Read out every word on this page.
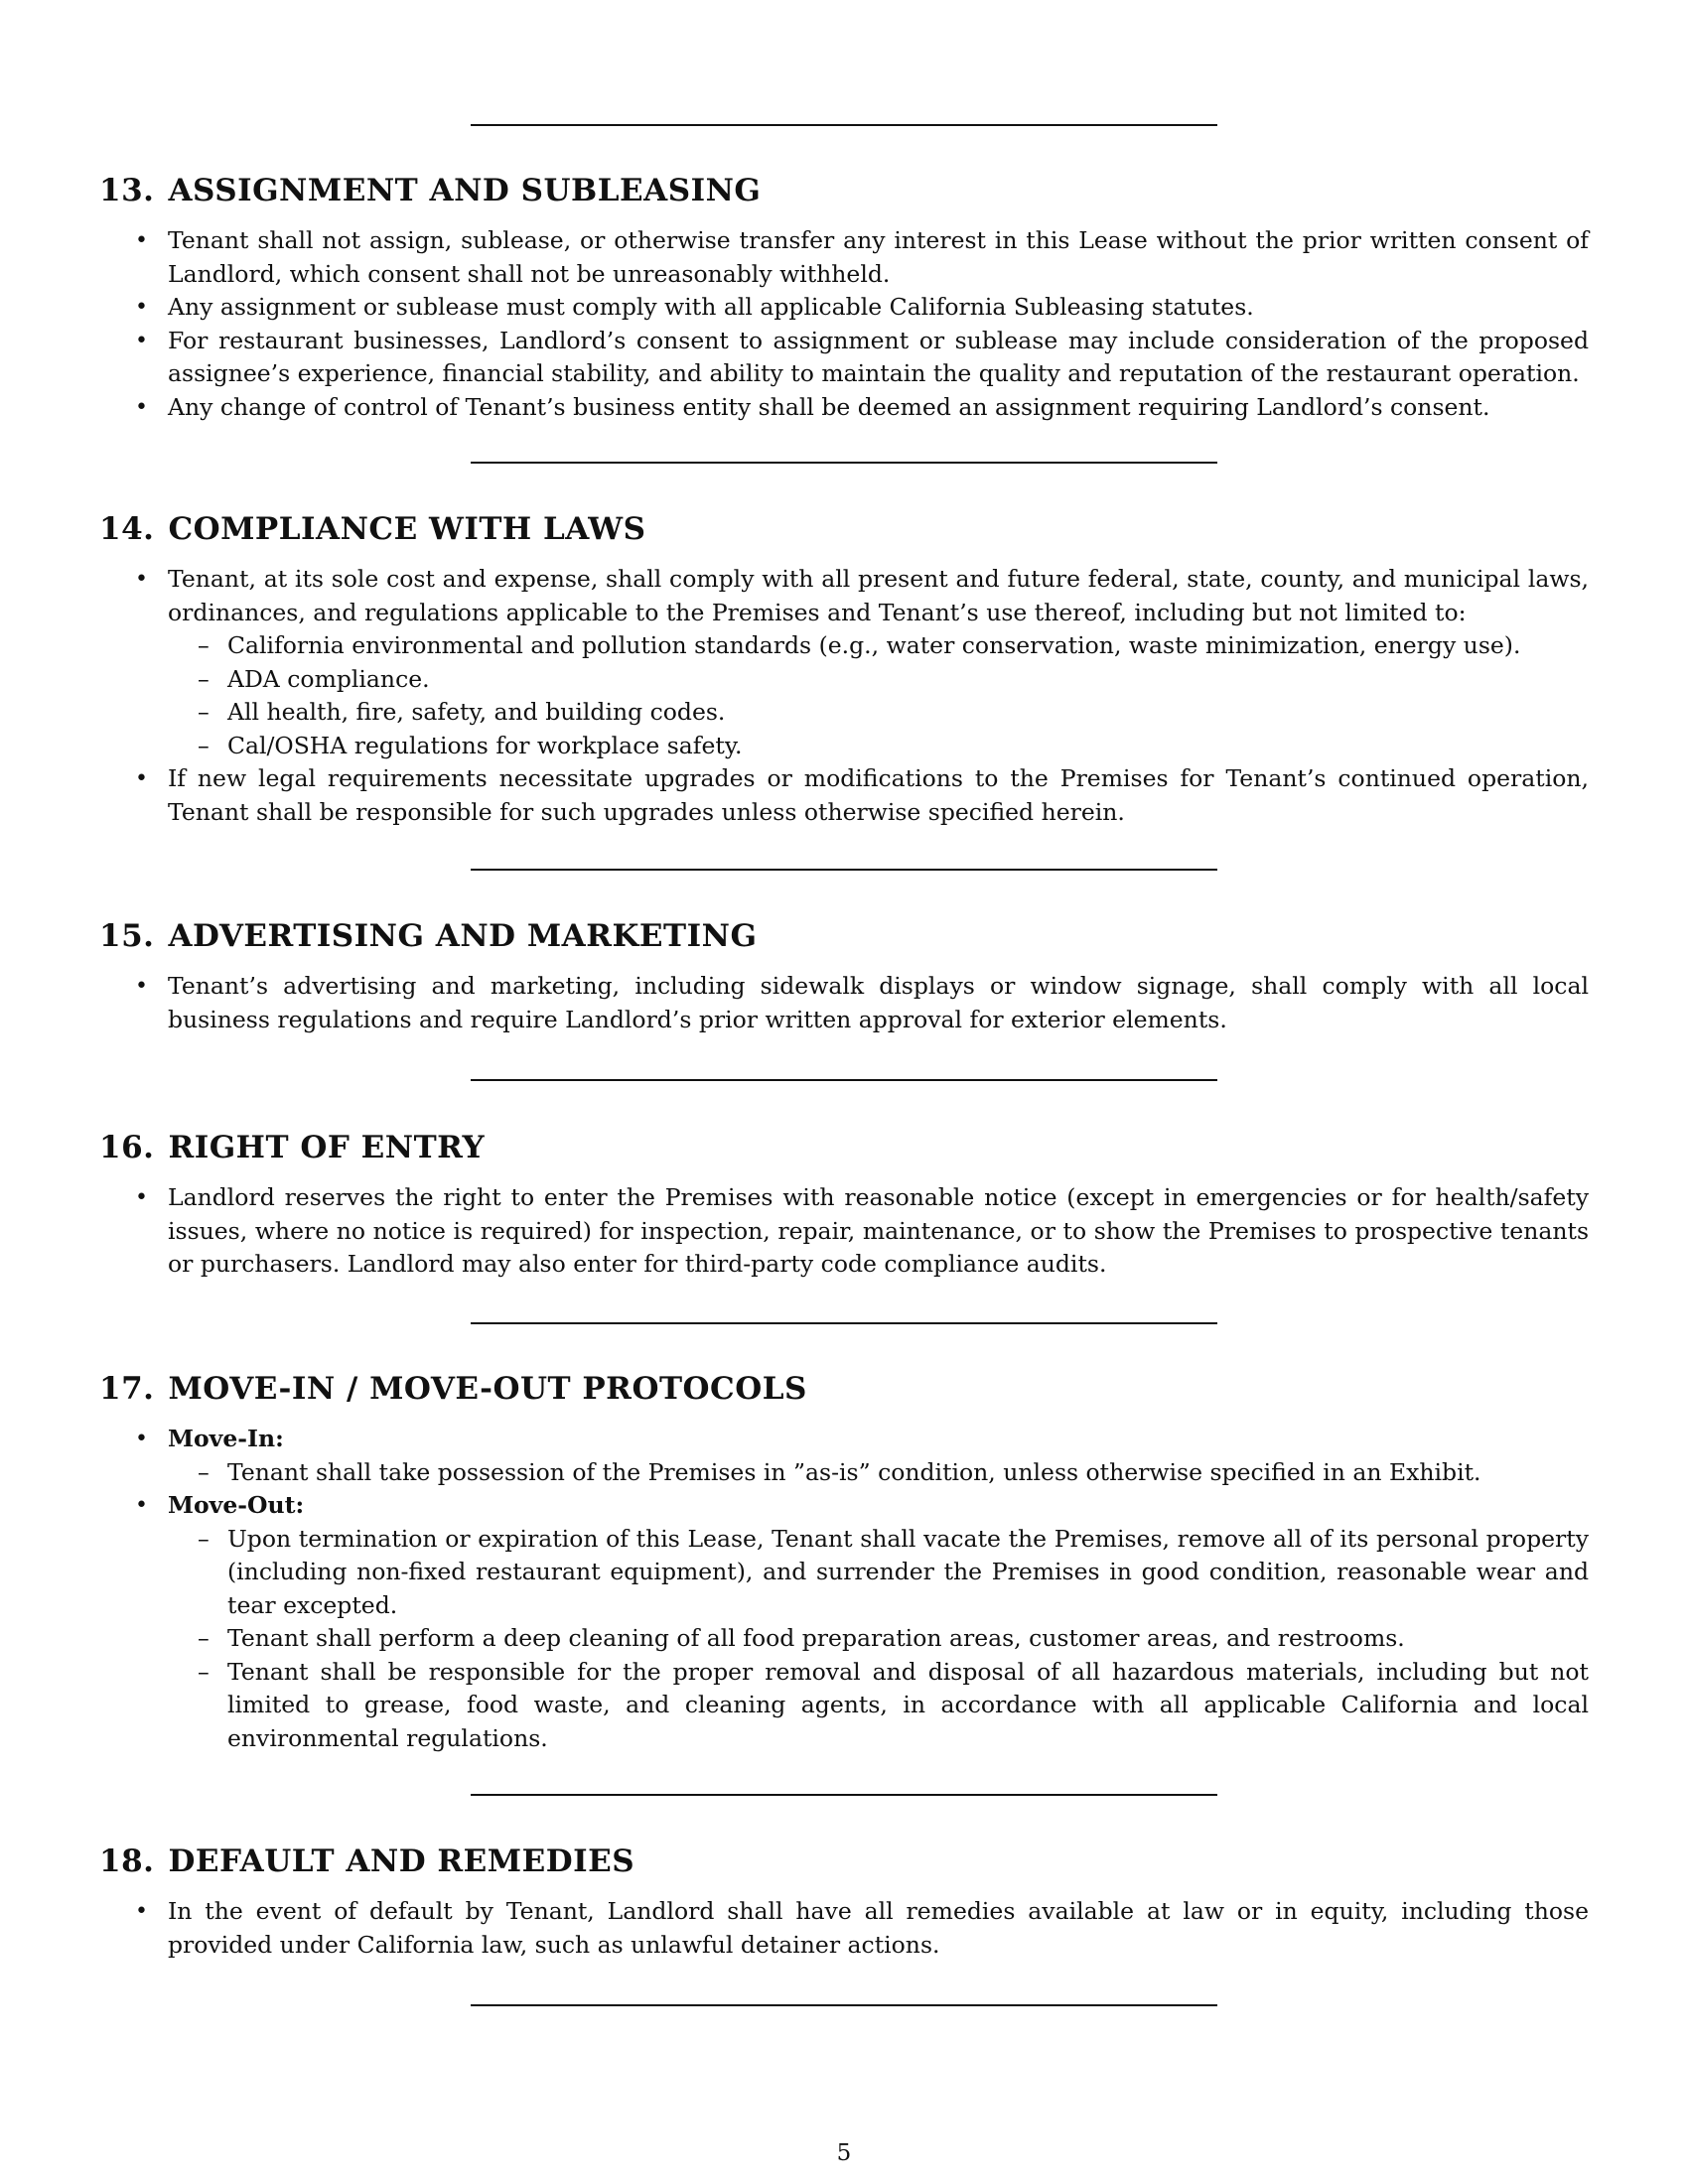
13. ASSIGNMENT AND SUBLEASING
• Tenant shall not assign, sublease, or otherwise transfer any interest in this Lease without the prior written consent of Landlord, which consent shall not be unreasonably withheld.
• Any assignment or sublease must comply with all applicable California Subleasing statutes.
• For restaurant businesses, Landlord’s consent to assignment or sublease may include consideration of the proposed assignee’s experience, financial stability, and ability to maintain the quality and reputation of the restaurant operation.
• Any change of control of Tenant’s business entity shall be deemed an assignment requiring Landlord’s consent.
14. COMPLIANCE WITH LAWS
• Tenant, at its sole cost and expense, shall comply with all present and future federal, state, county, and municipal laws, ordinances, and regulations applicable to the Premises and Tenant’s use thereof, including but not limited to:
– California environmental and pollution standards (e.g., water conservation, waste minimization, energy use).
– ADA compliance.
– All health, fire, safety, and building codes.
– Cal/OSHA regulations for workplace safety.
• If new legal requirements necessitate upgrades or modifications to the Premises for Tenant’s continued operation, Tenant shall be responsible for such upgrades unless otherwise specified herein.
15. ADVERTISING AND MARKETING
• Tenant’s advertising and marketing, including sidewalk displays or window signage, shall comply with all local business regulations and require Landlord’s prior written approval for exterior elements.
16. RIGHT OF ENTRY
• Landlord reserves the right to enter the Premises with reasonable notice (except in emergencies or for health/safety issues, where no notice is required) for inspection, repair, maintenance, or to show the Premises to prospective tenants or purchasers. Landlord may also enter for third-party code compliance audits.
17. MOVE-IN / MOVE-OUT PROTOCOLS
• Move-In:
– Tenant shall take possession of the Premises in ”as-is” condition, unless otherwise specified in an Exhibit.
• Move-Out:
– Upon termination or expiration of this Lease, Tenant shall vacate the Premises, remove all of its personal property (including non-fixed restaurant equipment), and surrender the Premises in good condition, reasonable wear and tear excepted.
– Tenant shall perform a deep cleaning of all food preparation areas, customer areas, and restrooms.
– Tenant shall be responsible for the proper removal and disposal of all hazardous materials, including but not limited to grease, food waste, and cleaning agents, in accordance with all applicable California and local environmental regulations.
18. DEFAULT AND REMEDIES
• In the event of default by Tenant, Landlord shall have all remedies available at law or in equity, including those provided under California law, such as unlawful detainer actions.
5
